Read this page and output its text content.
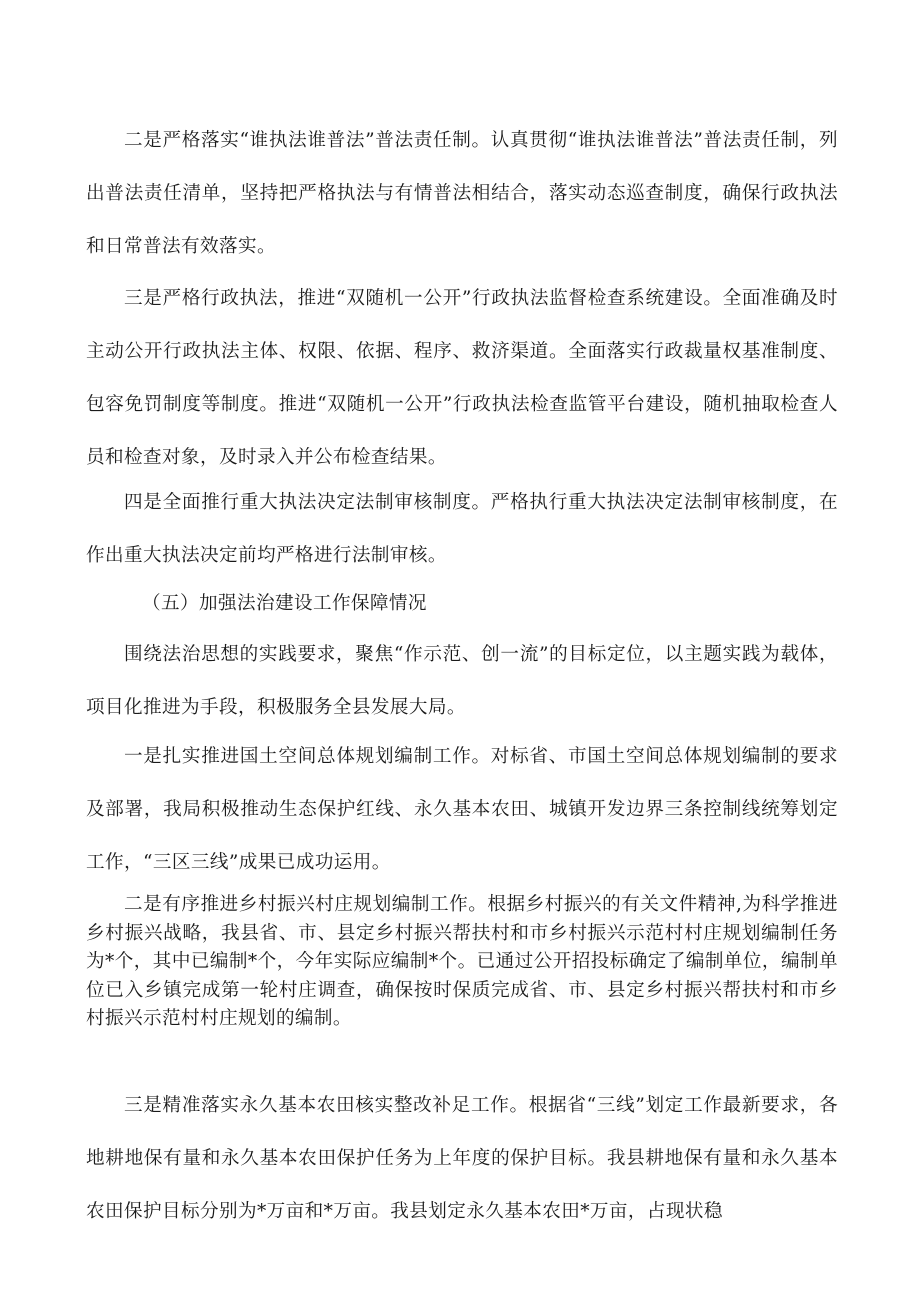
二是严格落实“谁执法谁普法”普法责任制。认真贯彻“谁执法谁普法”普法责任制，列出普法责任清单，坚持把严格执法与有情普法相结合，落实动态巡查制度，确保行政执法和日常普法有效落实。

三是严格行政执法，推进“双随机一公开”行政执法监督检查系统建设。全面准确及时主动公开行政执法主体、权限、依据、程序、救济渠道。全面落实行政裁量权基准制度、包容免罚制度等制度。推进“双随机一公开”行政执法检查监管平台建设，随机抽取检查人员和检查对象，及时录入并公布检查结果。

四是全面推行重大执法决定法制审核制度。严格执行重大执法决定法制审核制度，在作出重大执法决定前均严格进行法制审核。

（五）加强法治建设工作保障情况

围绕法治思想的实践要求，聚焦“作示范、创一流”的目标定位，以主题实践为载体，项目化推进为手段，积极服务全县发展大局。

一是扎实推进国土空间总体规划编制工作。对标省、市国土空间总体规划编制的要求及部署，我局积极推动生态保护红线、永久基本农田、城镇开发边界三条控制线统筹划定工作，“三区三线”成果已成功运用。

二是有序推进乡村振兴村庄规划编制工作。根据乡村振兴的有关文件精神,为科学推进乡村振兴战略，我县省、市、县定乡村振兴帮扶村和市乡村振兴示范村村庄规划编制任务为*个，其中已编制*个，今年实际应编制*个。已通过公开招投标确定了编制单位，编制单位已入乡镇完成第一轮村庄调查，确保按时保质完成省、市、县定乡村振兴帮扶村和市乡村振兴示范村村庄规划的编制。

三是精准落实永久基本农田核实整改补足工作。根据省“三线”划定工作最新要求，各地耕地保有量和永久基本农田保护任务为上年度的保护目标。我县耕地保有量和永久基本农田保护目标分别为*万亩和*万亩。我县划定永久基本农田*万亩，占现状稳
